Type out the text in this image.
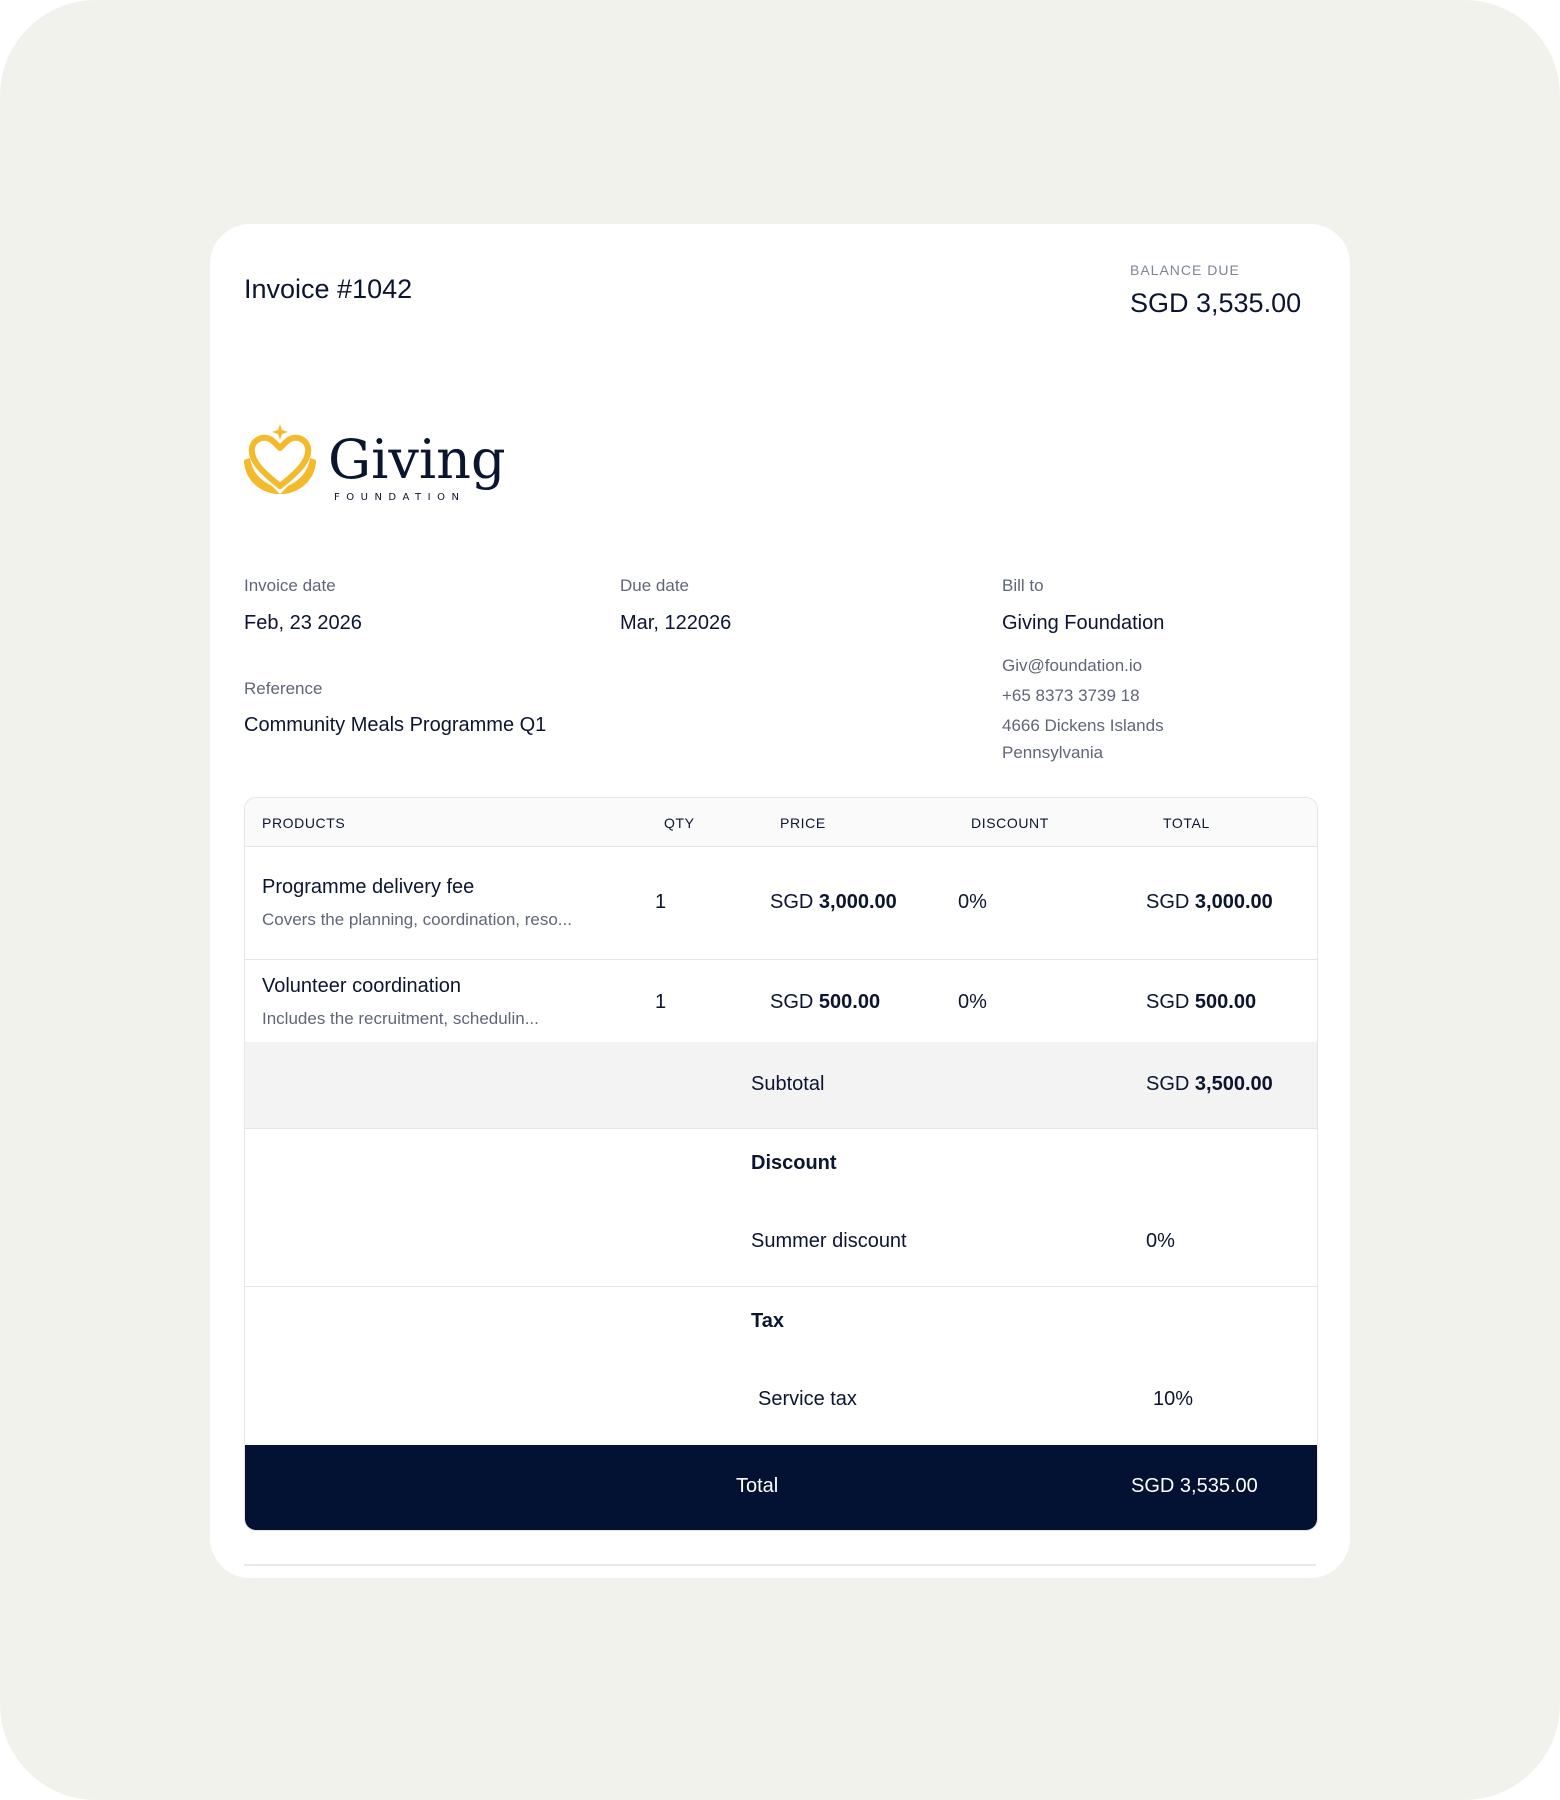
Invoice #1042
BALANCE DUE
SGD 3,535.00
Giving
FOUNDATION
Invoice date
Feb, 23 2026
Due date
Mar, 122026
Reference
Community Meals Programme Q1
Bill to
Giving Foundation
Giv@foundation.io
+65 8373 3739 18
4666 Dickens Islands
Pennsylvania
PRODUCTS	QTY	PRICE	DISCOUNT	TOTAL
Programme delivery fee
Covers the planning, coordination, reso...
1	SGD 3,000.00	0%	SGD 3,000.00
Volunteer coordination
Includes the recruitment, schedulin...
1	SGD 500.00	0%	SGD 500.00
Subtotal	SGD 3,500.00
Discount
Summer discount	0%
Tax
Service tax	10%
Total	SGD 3,535.00
